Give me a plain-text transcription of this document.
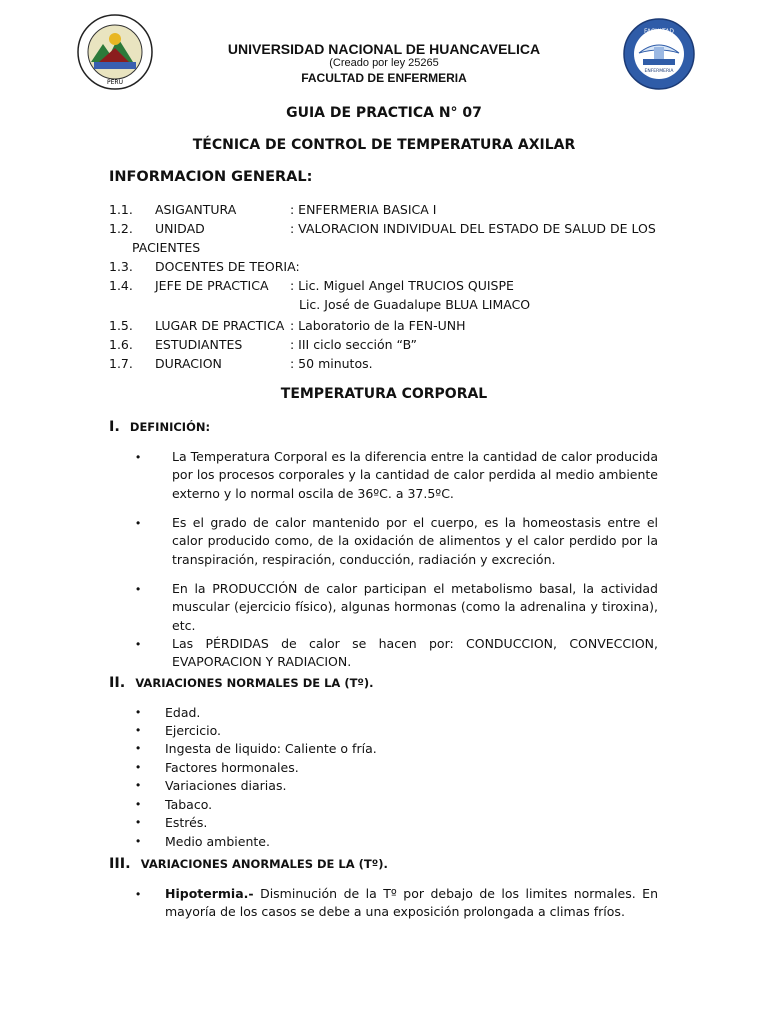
PERU
FACULTAD
ENFERMERIA
UNIVERSIDAD NACIONAL DE HUANCAVELICA
(Creado por ley 25265
FACULTAD DE ENFERMERIA
GUIA DE PRACTICA N° 07
TÉCNICA DE CONTROL DE TEMPERATURA AXILAR
INFORMACION GENERAL:
1.1. ASIGANTURA	: ENFERMERIA BASICA I
1.2. UNIDAD	: VALORACION INDIVIDUAL DEL ESTADO DE SALUD DE LOS
PACIENTES
1.3. DOCENTES DE TEORIA:
1.4. JEFE DE PRACTICA : Lic. Miguel Angel TRUCIOS QUISPE
Lic. José de Guadalupe BLUA LIMACO
1.5. LUGAR DE PRACTICA : Laboratorio de la FEN-UNH
1.6. ESTUDIANTES	: III ciclo sección “B”
1.7. DURACION	: 50 minutos.
TEMPERATURA CORPORAL
I. DEFINICIÓN:
•	La Temperatura Corporal es la diferencia entre la cantidad de calor producida por los procesos corporales y la cantidad de calor perdida al medio ambiente externo y lo normal oscila de 36ºC. a 37.5ºC.
•	Es el grado de calor mantenido por el cuerpo, es la homeostasis entre el calor producido como, de la oxidación de alimentos y el calor perdido por la transpiración, respiración, conducción, radiación y excreción.
•	En la PRODUCCIÓN de calor participan el metabolismo basal, la actividad muscular (ejercicio físico), algunas hormonas (como la adrenalina y tiroxina), etc.
•	Las PÉRDIDAS de calor se hacen por: CONDUCCION, CONVECCION, EVAPORACION Y RADIACION.
II. VARIACIONES NORMALES DE LA (Tº).
• Edad.
• Ejercicio.
• Ingesta de liquido: Caliente o fría.
• Factores hormonales.
• Variaciones diarias.
• Tabaco.
• Estrés.
• Medio ambiente.
III. VARIACIONES ANORMALES DE LA (Tº).
• Hipotermia.- Disminución de la Tº por debajo de los limites normales. En mayoría de los casos se debe a una exposición prolongada a climas fríos.
